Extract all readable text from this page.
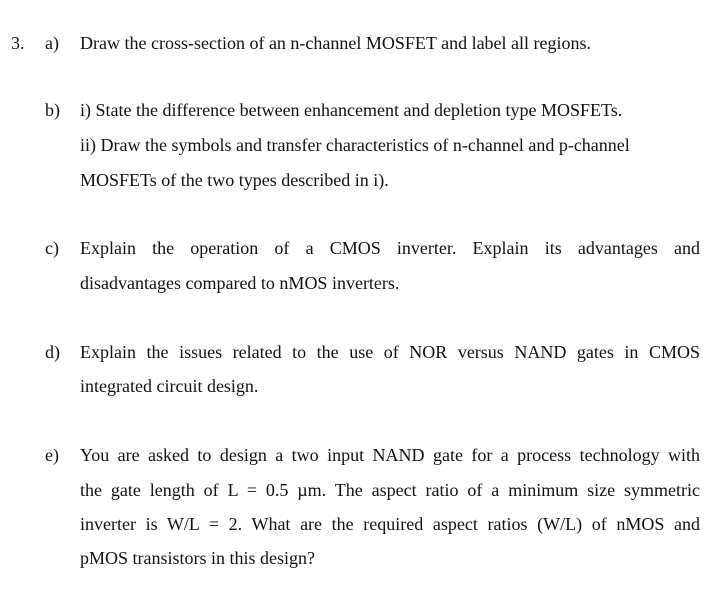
3. a) Draw the cross-section of an n-channel MOSFET and label all regions.
b) i) State the difference between enhancement and depletion type MOSFETs.
ii) Draw the symbols and transfer characteristics of n-channel and p-channel
MOSFETs of the two types described in i).
c) Explain the operation of a CMOS inverter. Explain its advantages and
disadvantages compared to nMOS inverters.
d) Explain the issues related to the use of NOR versus NAND gates in CMOS
integrated circuit design.
e) You are asked to design a two input NAND gate for a process technology with
the gate length of L = 0.5 µm. The aspect ratio of a minimum size symmetric
inverter is W/L = 2. What are the required aspect ratios (W/L) of nMOS and
pMOS transistors in this design?
